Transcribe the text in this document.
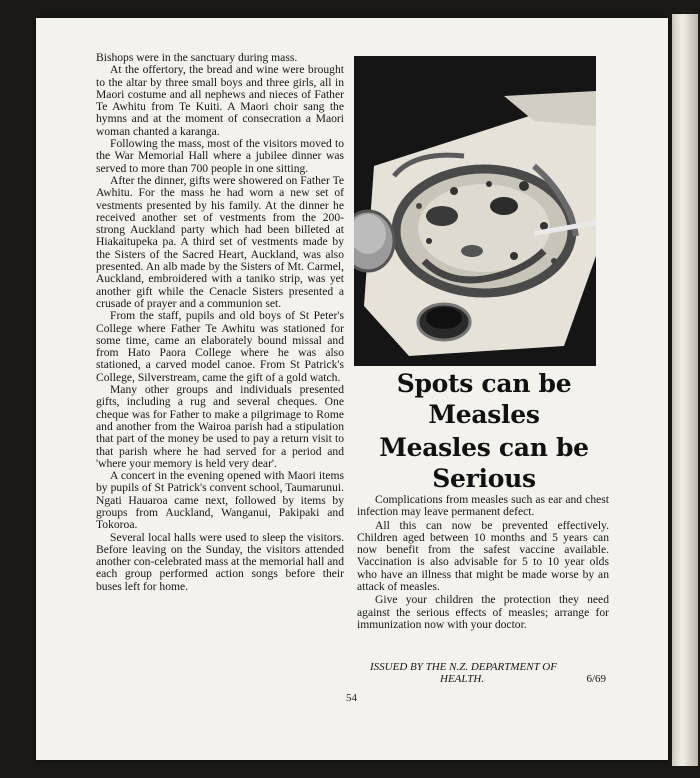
Bishops were in the sanctuary during mass.

At the offertory, the bread and wine were brought to the altar by three small boys and three girls, all in Maori costume and all nephews and nieces of Father Te Awhitu from Te Kuiti. A Maori choir sang the hymns and at the moment of consecration a Maori woman chanted a karanga.

Following the mass, most of the visitors moved to the War Memorial Hall where a jubilee dinner was served to more than 700 people in one sitting.

After the dinner, gifts were showered on Father Te Awhitu. For the mass he had worn a new set of vestments presented by his family. At the dinner he received another set of vestments from the 200-strong Auckland party which had been billeted at Hiakaitupeka pa. A third set of vestments made by the Sisters of the Sacred Heart, Auckland, was also presented. An alb made by the Sisters of Mt. Carmel, Auckland, embroidered with a taniko strip, was yet another gift while the Cenacle Sisters presented a crusade of prayer and a communion set.

From the staff, pupils and old boys of St Peter's College where Father Te Awhitu was stationed for some time, came an elaborately bound missal and from Hato Paora College where he was also stationed, a carved model canoe. From St Patrick's College, Silverstream, came the gift of a gold watch.

Many other groups and individuals presented gifts, including a rug and several cheques. One cheque was for Father to make a pilgrimage to Rome and another from the Wairoa parish had a stipulation that part of the money be used to pay a return visit to that parish where he had served for a period and 'where your memory is held very dear'.

A concert in the evening opened with Maori items by pupils of St Patrick's convent school, Taumarunui. Ngati Hauaroa came next, followed by items by groups from Auckland, Wanganui, Pakipaki and Tokoroa.

Several local halls were used to sleep the visitors. Before leaving on the Sunday, the visitors attended another con-celebrated mass at the memorial hall and each group performed action songs before their buses left for home.

Spots can be
Measles
Measles can be
Serious

Complications from measles such as ear and chest infection may leave permanent defect.

All this can now be prevented effectively. Children aged between 10 months and 5 years can now benefit from the safest vaccine available. Vaccination is also advisable for 5 to 10 year olds who have an illness that might be made worse by an attack of measles.

Give your children the protection they need against the serious effects of measles; arrange for immunization now with your doctor.

ISSUED BY THE N.Z. DEPARTMENT OF
HEALTH.	6/69
54
